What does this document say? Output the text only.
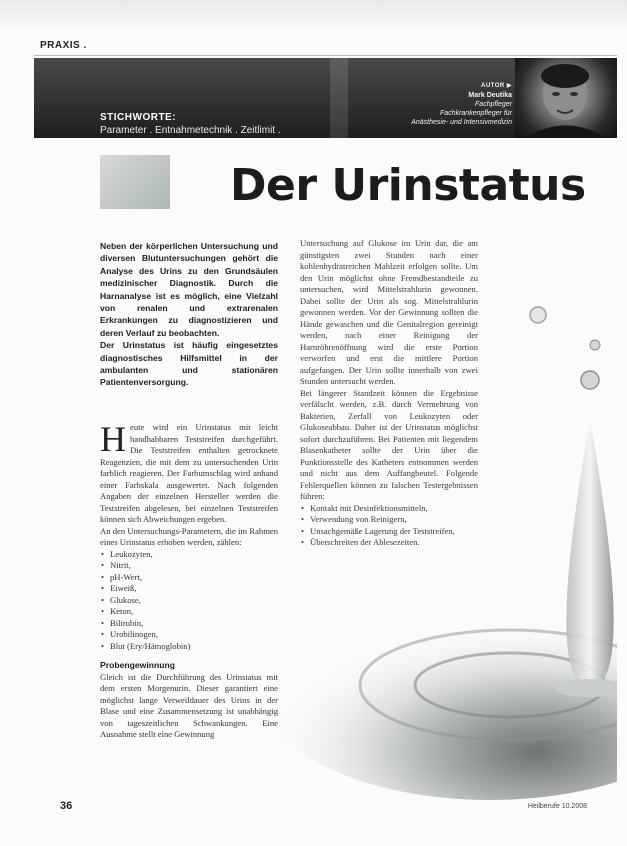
PRAXIS .
STICHWORTE:
Parameter . Entnahmetechnik . Zeitlimit .
AUTOR ▶
Mark Deutika
Fachpfleger
Fachkrankenpfleger für
Anästhesie- und Intensivmedizin
Der Urinstatus

Neben der körperlichen Untersuchung und diversen Blutuntersuchungen gehört die Analyse des Urins zu den Grundsäulen medizinischer Diagnostik. Durch die Harnanalyse ist es möglich, eine Vielzahl von renalen und extrarenalen Erkrankungen zu diagnostizieren und deren Verlauf zu beobachten.

Der Urinstatus ist häufig eingesetztes diagnostisches Hilfsmittel in der ambulanten und stationären Patientenversorgung.

Heute wird ein Urinstatus mit leicht handhabbaren Teststreifen durchgeführt. Die Teststreifen enthalten getrocknete Reagenzien, die mit dem zu untersuchenden Urin farblich reagieren. Der Farbumschlag wird anhand einer Farbskala ausgewertet. Nach folgenden Angaben der einzelnen Hersteller werden die Teststreifen abgelesen, bei einzelnen Teststreifen können sich Abweichungen ergeben.

An den Untersuchungs-Parametern, die im Rahmen eines Urinstatus erhoben werden, zählen:

• Leukozyten,
• Nitrit,
• pH-Wert,
• Eiweiß,
• Glukose,
• Keton,
• Bilirubin,
• Urobilinogen,
• Blut (Ery/Hämoglobin)
Probengewinnung

Gleich ist die Durchführung des Urinstatus mit dem ersten Morgenurin. Dieser garantiert eine möglichst lange Verweildauer des Urins in der Blase und eine Zusammensetzung ist unabhängig von tageszeitlichen Schwankungen. Eine Ausnahme stellt eine Gewinnung

Untersuchung auf Glukose im Urin dar, die am günstigsten zwei Stunden nach einer kohlenhydratreichen Mahlzeit erfolgen sollte. Um den Urin möglichst ohne Fremdbestandteile zu untersuchen, wird Mittelstrahlurin gewonnen. Dabei sollte der Urin als sog. Mittelstrahlurin gewonnen werden. Vor der Gewinnung sollten die Hände gewaschen und die Genitalregion gereinigt werden, nach einer Reinigung der Harnröhrenöffnung wird die erste Portion verworfen und erst die mittlere Portion aufgefangen. Der Urin sollte innerhalb von zwei Stunden untersucht werden.

Bei längerer Standzeit können die Ergebnisse verfälscht werden, z.B. durch Vermehrung von Bakterien, Zerfall von Leukozyten oder Glukoseabbau. Daher ist der Urinstatus möglichst sofort durchzuführen. Bei Patienten mit liegendem Blasenkatheter sollte der Urin über die Punktionsstelle des Katheters entnommen werden und nicht aus dem Auffangbeutel. Folgende Fehlerquellen können zu falschen Testergebnissen führen:

• Kontakt mit Desinfektionsmitteln,
• Verwendung von Reinigern,
• Unsachgemäße Lagerung der Teststreifen,
• Überschreiten der Ablesezeiten.
36	Heilberufe 10.2008
